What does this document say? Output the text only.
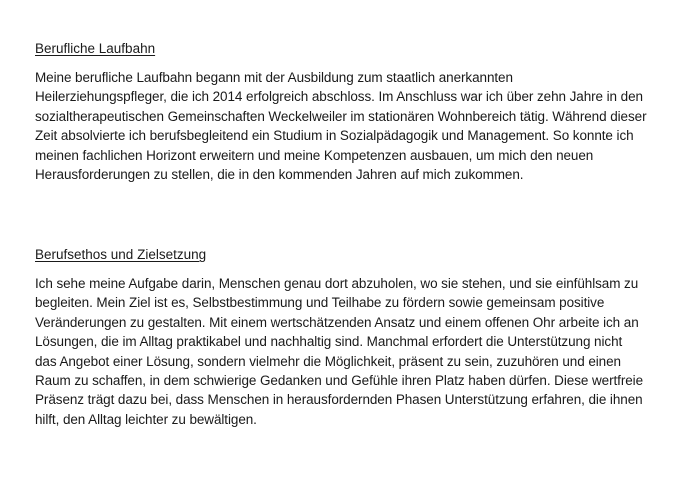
Berufliche Laufbahn

Meine berufliche Laufbahn begann mit der Ausbildung zum staatlich anerkannten Heilerziehungspfleger, die ich 2014 erfolgreich abschloss. Im Anschluss war ich über zehn Jahre in den sozialtherapeutischen Gemeinschaften Weckelweiler im stationären Wohnbereich tätig. Während dieser Zeit absolvierte ich berufsbegleitend ein Studium in Sozialpädagogik und Management. So konnte ich meinen fachlichen Horizont erweitern und meine Kompetenzen ausbauen, um mich den neuen Herausforderungen zu stellen, die in den kommenden Jahren auf mich zukommen.

Berufsethos und Zielsetzung

Ich sehe meine Aufgabe darin, Menschen genau dort abzuholen, wo sie stehen, und sie einfühlsam zu begleiten. Mein Ziel ist es, Selbstbestimmung und Teilhabe zu fördern sowie gemeinsam positive Veränderungen zu gestalten. Mit einem wertschätzenden Ansatz und einem offenen Ohr arbeite ich an Lösungen, die im Alltag praktikabel und nachhaltig sind. Manchmal erfordert die Unterstützung nicht das Angebot einer Lösung, sondern vielmehr die Möglichkeit, präsent zu sein, zuzuhören und einen Raum zu schaffen, in dem schwierige Gedanken und Gefühle ihren Platz haben dürfen. Diese wertfreie Präsenz trägt dazu bei, dass Menschen in herausfordernden Phasen Unterstützung erfahren, die ihnen hilft, den Alltag leichter zu bewältigen.
